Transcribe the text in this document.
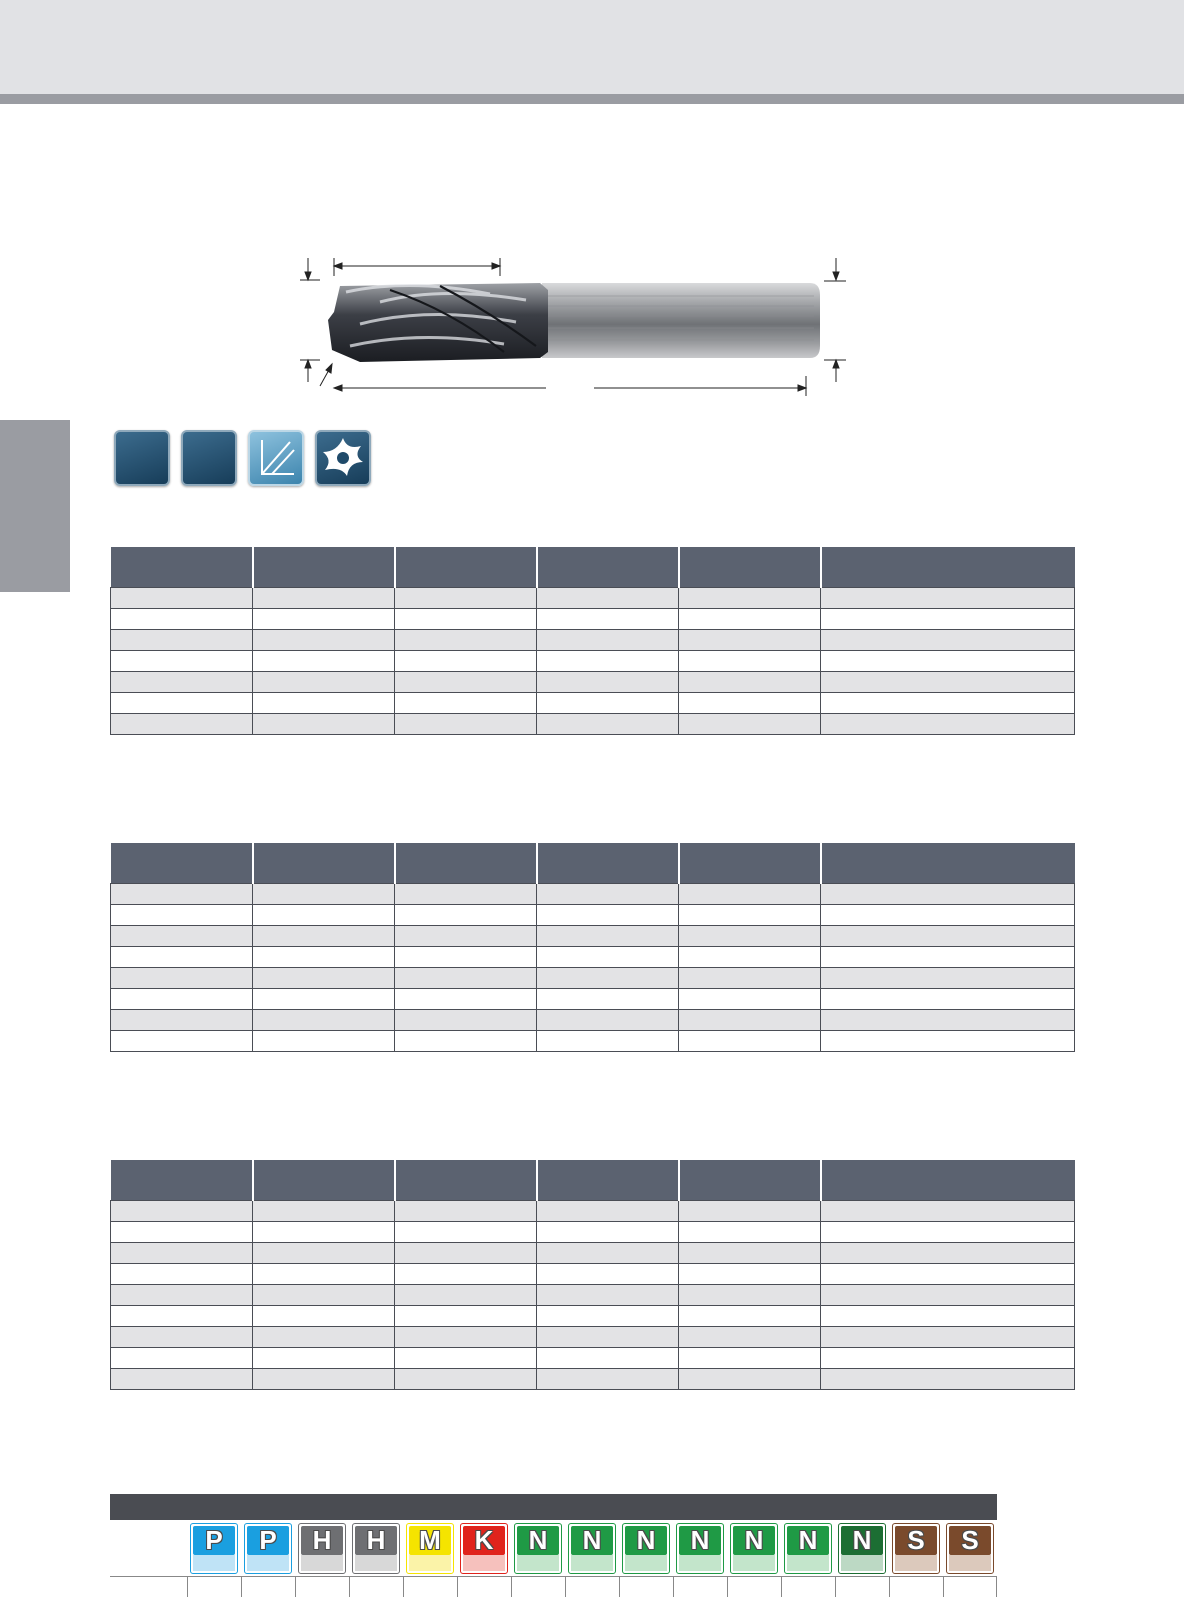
P	P	H	H	M	K	N	N	N	N	N	N	N	S	S
